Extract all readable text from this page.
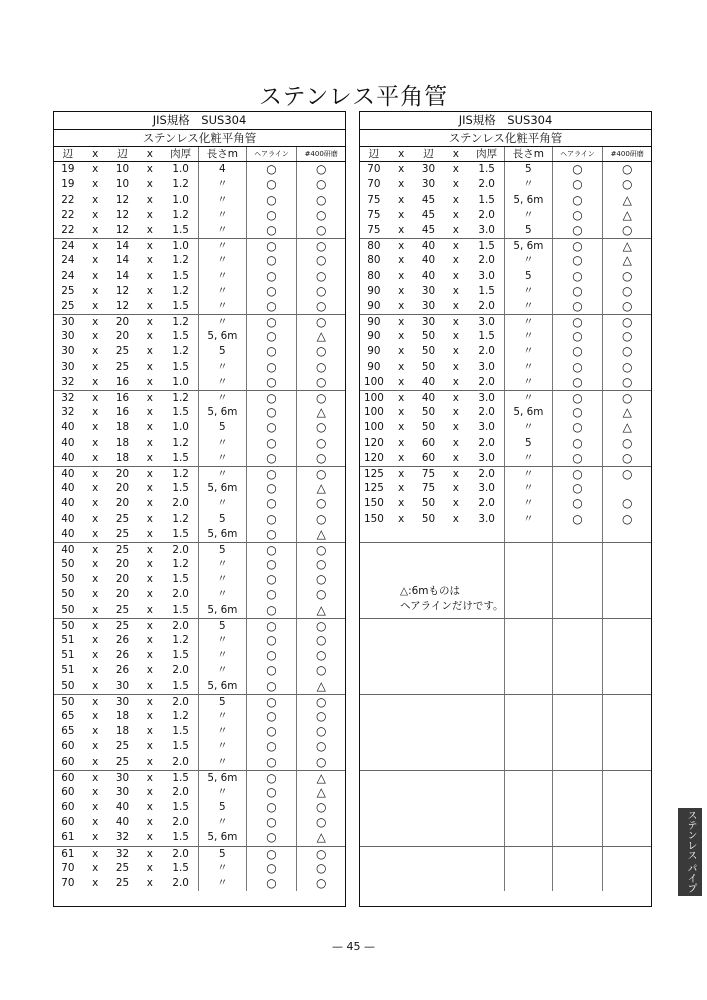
ステンレス平角管
JIS規格　SUS304
ステンレス化粧平角管
辺	x	辺	x	肉厚	長さm	ヘアライン	#400研磨
19	x	10	x	1.0	4	○	○
19	x	10	x	1.2	〃	○	○
22	x	12	x	1.0	〃	○	○
22	x	12	x	1.2	〃	○	○
22	x	12	x	1.5	〃	○	○
24	x	14	x	1.0	〃	○	○
24	x	14	x	1.2	〃	○	○
24	x	14	x	1.5	〃	○	○
25	x	12	x	1.2	〃	○	○
25	x	12	x	1.5	〃	○	○
30	x	20	x	1.2	〃	○	○
30	x	20	x	1.5	5, 6m	○	△
30	x	25	x	1.2	5	○	○
30	x	25	x	1.5	〃	○	○
32	x	16	x	1.0	〃	○	○
32	x	16	x	1.2	〃	○	○
32	x	16	x	1.5	5, 6m	○	△
40	x	18	x	1.0	5	○	○
40	x	18	x	1.2	〃	○	○
40	x	18	x	1.5	〃	○	○
40	x	20	x	1.2	〃	○	○
40	x	20	x	1.5	5, 6m	○	△
40	x	20	x	2.0	〃	○	○
40	x	25	x	1.2	5	○	○
40	x	25	x	1.5	5, 6m	○	△
40	x	25	x	2.0	5	○	○
50	x	20	x	1.2	〃	○	○
50	x	20	x	1.5	〃	○	○
50	x	20	x	2.0	〃	○	○
50	x	25	x	1.5	5, 6m	○	△
50	x	25	x	2.0	5	○	○
51	x	26	x	1.2	〃	○	○
51	x	26	x	1.5	〃	○	○
51	x	26	x	2.0	〃	○	○
50	x	30	x	1.5	5, 6m	○	△
50	x	30	x	2.0	5	○	○
65	x	18	x	1.2	〃	○	○
65	x	18	x	1.5	〃	○	○
60	x	25	x	1.5	〃	○	○
60	x	25	x	2.0	〃	○	○
60	x	30	x	1.5	5, 6m	○	△
60	x	30	x	2.0	〃	○	△
60	x	40	x	1.5	5	○	○
60	x	40	x	2.0	〃	○	○
61	x	32	x	1.5	5, 6m	○	△
61	x	32	x	2.0	5	○	○
70	x	25	x	1.5	〃	○	○
70	x	25	x	2.0	〃	○	○
JIS規格　SUS304
ステンレス化粧平角管
辺	x	辺	x	肉厚	長さm	ヘアライン	#400研磨
70	x	30	x	1.5	5	○	○
70	x	30	x	2.0	〃	○	○
75	x	45	x	1.5	5, 6m	○	△
75	x	45	x	2.0	〃	○	△
75	x	45	x	3.0	5	○	○
80	x	40	x	1.5	5, 6m	○	△
80	x	40	x	2.0	〃	○	△
80	x	40	x	3.0	5	○	○
90	x	30	x	1.5	〃	○	○
90	x	30	x	2.0	〃	○	○
90	x	30	x	3.0	〃	○	○
90	x	50	x	1.5	〃	○	○
90	x	50	x	2.0	〃	○	○
90	x	50	x	3.0	〃	○	○
100	x	40	x	2.0	〃	○	○
100	x	40	x	3.0	〃	○	○
100	x	50	x	2.0	5, 6m	○	△
100	x	50	x	3.0	〃	○	△
120	x	60	x	2.0	5	○	○
120	x	60	x	3.0	〃	○	○
125	x	75	x	2.0	〃	○	○
125	x	75	x	3.0	〃	○
150	x	50	x	2.0	〃	○	○
150	x	50	x	3.0	〃	○	○
△:6mものは
ヘアラインだけです。
ステンレス パイプ
— 45 —
